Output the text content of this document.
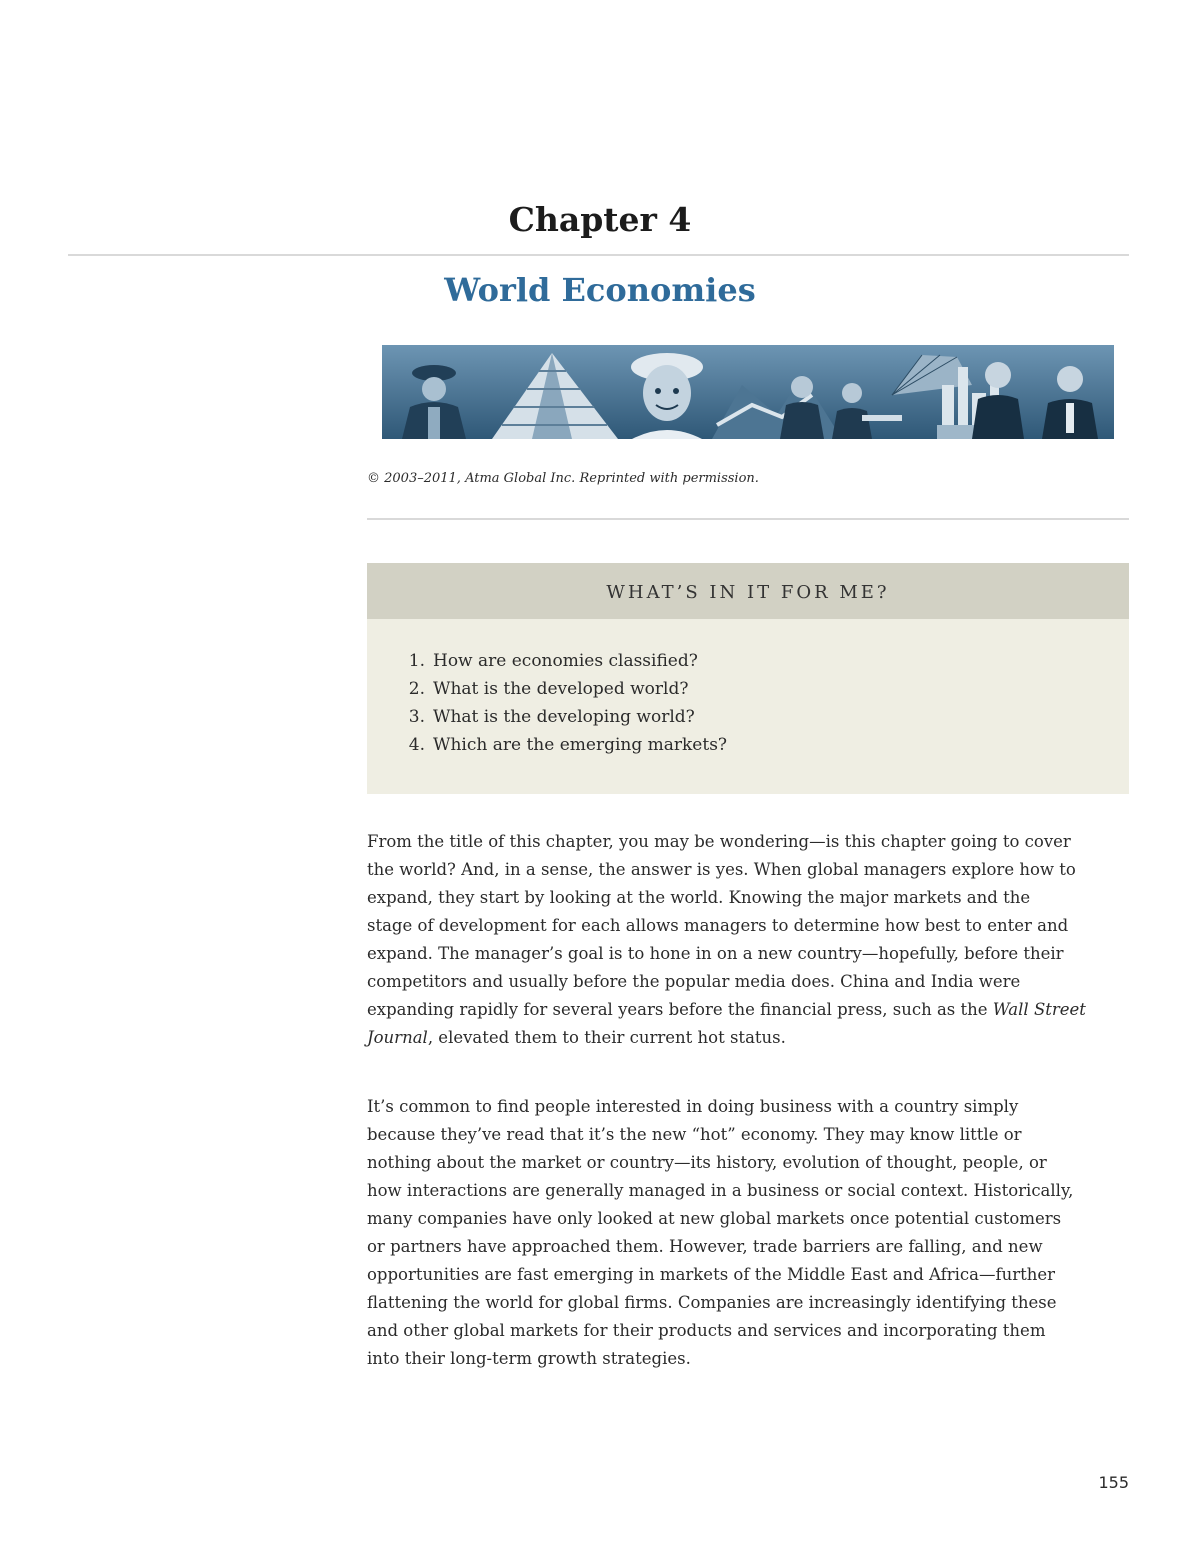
Chapter 4
World Economies
© 2003–2011, Atma Global Inc. Reprinted with permission.
WHAT’S IN IT FOR ME?
1. How are economies classified?
2. What is the developed world?
3. What is the developing world?
4. Which are the emerging markets?

From the title of this chapter, you may be wondering—is this chapter going to cover
the world? And, in a sense, the answer is yes. When global managers explore how to
expand, they start by looking at the world. Knowing the major markets and the
stage of development for each allows managers to determine how best to enter and
expand. The manager’s goal is to hone in on a new country—hopefully, before their
competitors and usually before the popular media does. China and India were
expanding rapidly for several years before the financial press, such as the Wall Street
Journal, elevated them to their current hot status.

It’s common to find people interested in doing business with a country simply
because they’ve read that it’s the new “hot” economy. They may know little or
nothing about the market or country—its history, evolution of thought, people, or
how interactions are generally managed in a business or social context. Historically,
many companies have only looked at new global markets once potential customers
or partners have approached them. However, trade barriers are falling, and new
opportunities are fast emerging in markets of the Middle East and Africa—further
flattening the world for global firms. Companies are increasingly identifying these
and other global markets for their products and services and incorporating them
into their long-term growth strategies.

155
